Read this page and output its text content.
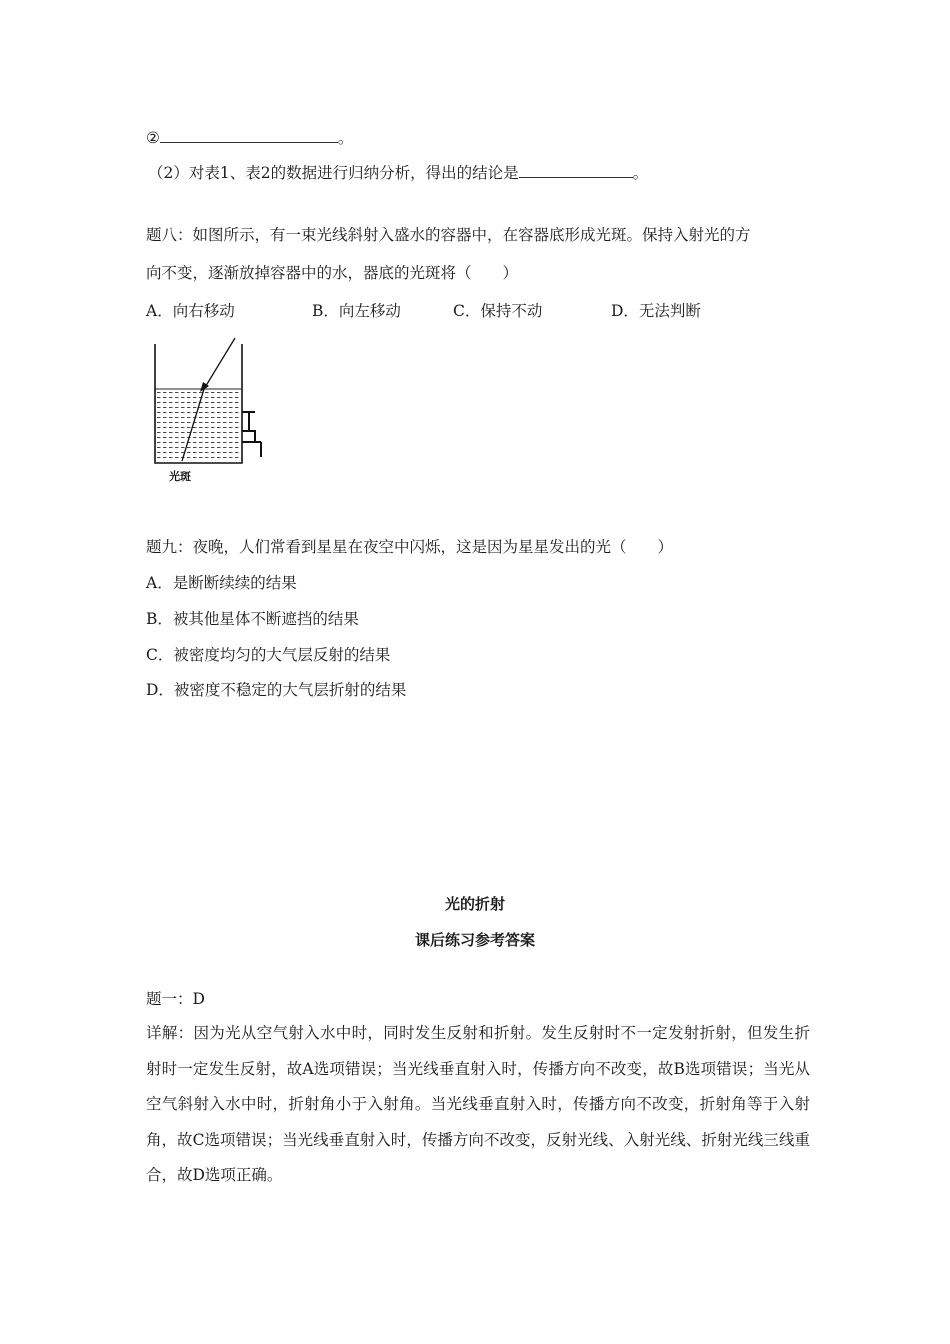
②	。
（2）对表1、表2的数据进行归纳分析，得出的结论是	。
题八：如图所示，有一束光线斜射入盛水的容器中，在容器底形成光斑。保持入射光的方
向不变，逐渐放掉容器中的水，器底的光斑将（　　）
A．向右移动	B．向左移动	C．保持不动	D．无法判断
光斑
题九：夜晚，人们常看到星星在夜空中闪烁，这是因为星星发出的光（　　）
A．是断断续续的结果
B．被其他星体不断遮挡的结果
C．被密度均匀的大气层反射的结果
D．被密度不稳定的大气层折射的结果
光的折射
课后练习参考答案
题一：D
详解：因为光从空气射入水中时，同时发生反射和折射。发生反射时不一定发射折射，但发生折射时一定发生反射，故A选项错误；当光线垂直射入时，传播方向不改变，故B选项错误；当光从空气斜射入水中时，折射角小于入射角。当光线垂直射入时，传播方向不改变，折射角等于入射角，故C选项错误；当光线垂直射入时，传播方向不改变，反射光线、入射光线、折射光线三线重合，故D选项正确。
